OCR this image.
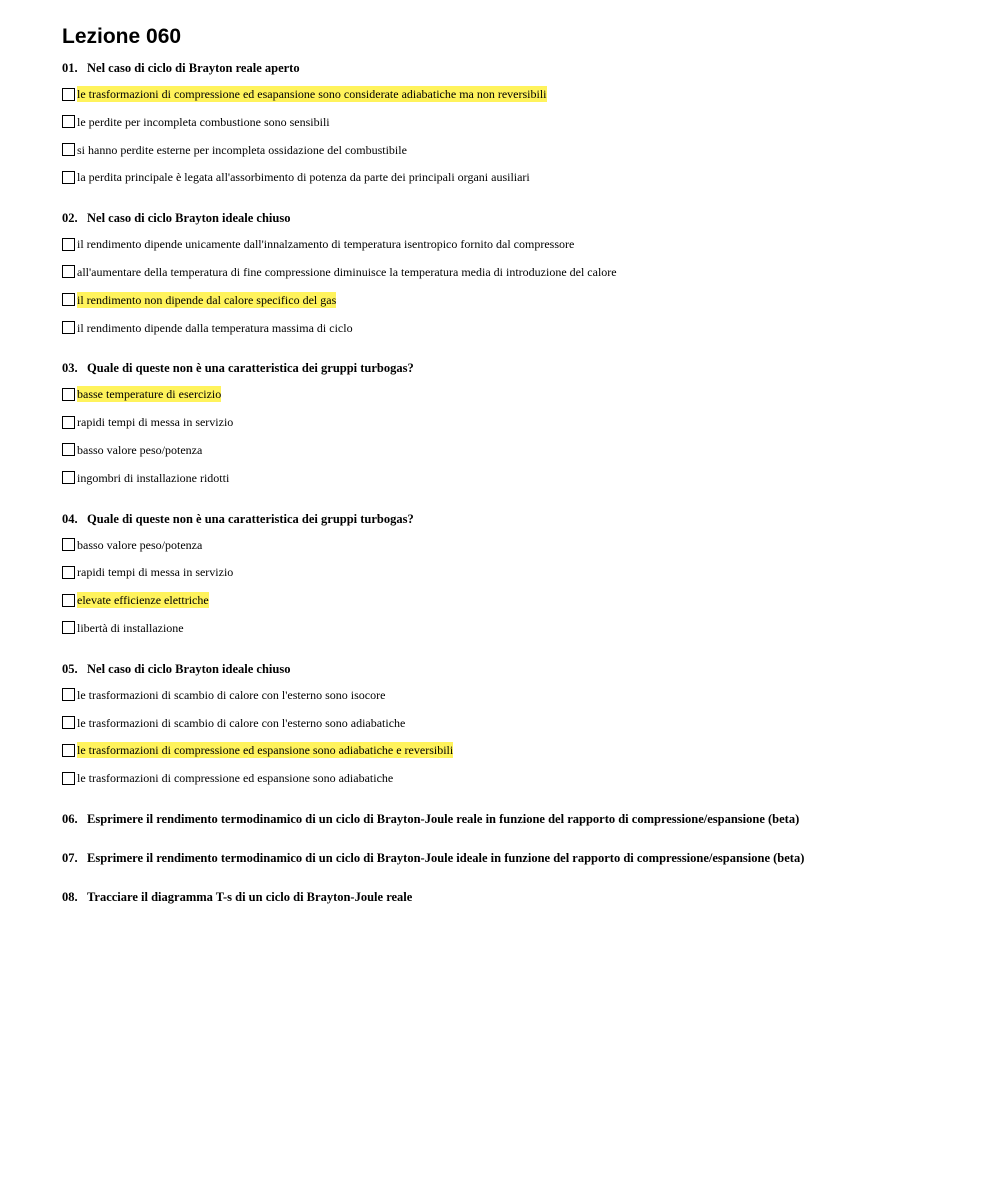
Lezione 060
01. Nel caso di ciclo di Brayton reale aperto
le trasformazioni di compressione ed esapansione sono considerate adiabatiche ma non reversibili
le perdite per incompleta combustione sono sensibili
si hanno perdite esterne per incompleta ossidazione del combustibile
la perdita principale è legata all'assorbimento di potenza da parte dei principali organi ausiliari
02. Nel caso di ciclo Brayton ideale chiuso
il rendimento dipende unicamente dall'innalzamento di temperatura isentropico fornito dal compressore
all'aumentare della temperatura di fine compressione diminuisce la temperatura media di introduzione del calore
il rendimento non dipende dal calore specifico del gas
il rendimento dipende dalla temperatura massima di ciclo
03. Quale di queste non è una caratteristica dei gruppi turbogas?
basse temperature di esercizio
rapidi tempi di messa in servizio
basso valore peso/potenza
ingombri di installazione ridotti
04. Quale di queste non è una caratteristica dei gruppi turbogas?
basso valore peso/potenza
rapidi tempi di messa in servizio
elevate efficienze elettriche
libertà di installazione
05. Nel caso di ciclo Brayton ideale chiuso
le trasformazioni di scambio di calore con l'esterno sono isocore
le trasformazioni di scambio di calore con l'esterno sono adiabatiche
le trasformazioni di compressione ed espansione sono adiabatiche e reversibili
le trasformazioni di compressione ed espansione sono adiabatiche
06. Esprimere il rendimento termodinamico di un ciclo di Brayton-Joule reale in funzione del rapporto di compressione/espansione (beta)
07. Esprimere il rendimento termodinamico di un ciclo di Brayton-Joule ideale in funzione del rapporto di compressione/espansione (beta)
08. Tracciare il diagramma T-s di un ciclo di Brayton-Joule reale
